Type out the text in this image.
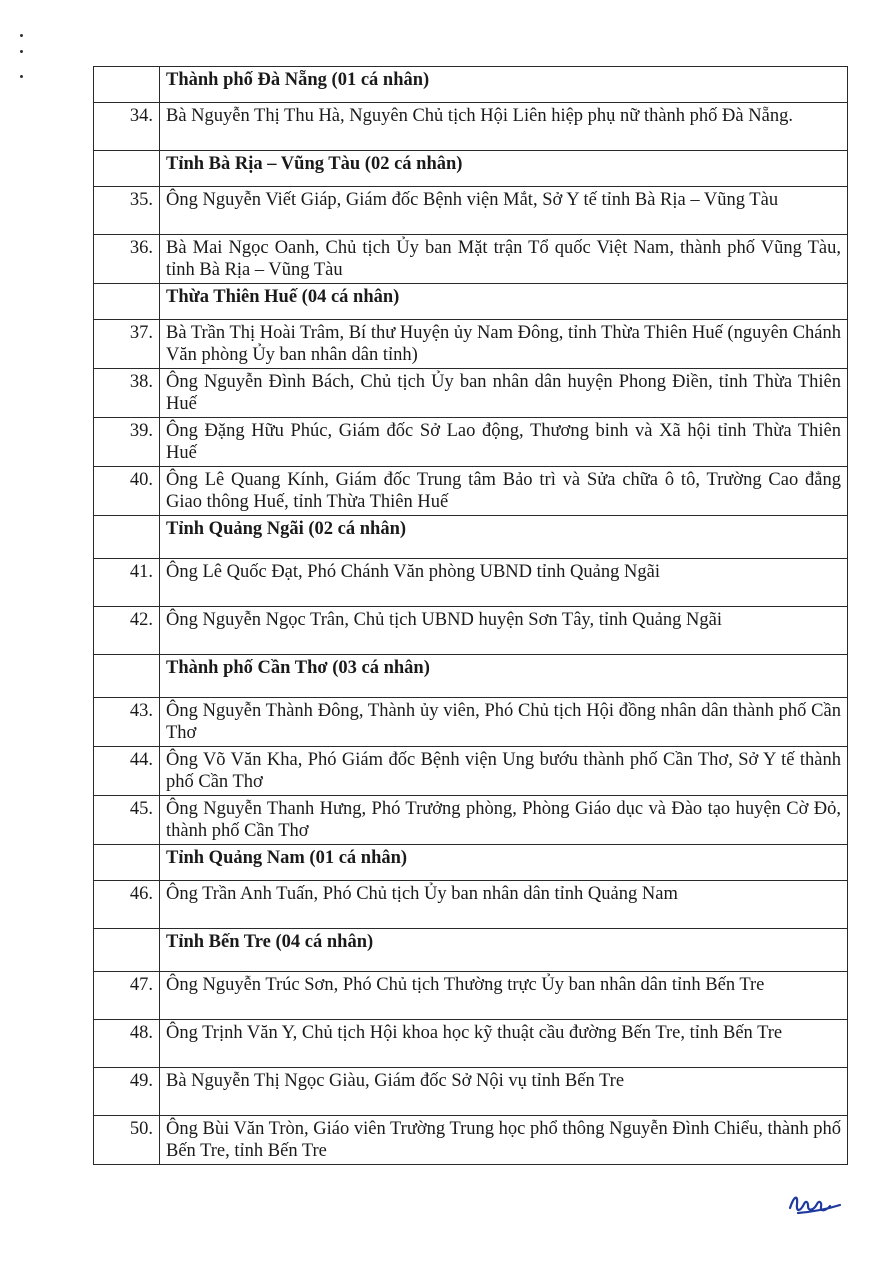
	Thành phố Đà Nẵng (01 cá nhân)
34.	Bà Nguyễn Thị Thu Hà, Nguyên Chủ tịch Hội Liên hiệp phụ nữ thành phố Đà Nẵng.
	Tỉnh Bà Rịa – Vũng Tàu (02 cá nhân)
35.	Ông Nguyễn Viết Giáp, Giám đốc Bệnh viện Mắt, Sở Y tế tỉnh Bà Rịa – Vũng Tàu
36.	Bà Mai Ngọc Oanh, Chủ tịch Ủy ban Mặt trận Tổ quốc Việt Nam, thành phố Vũng Tàu, tỉnh Bà Rịa – Vũng Tàu
	Thừa Thiên Huế (04 cá nhân)
37.	Bà Trần Thị Hoài Trâm, Bí thư Huyện ủy Nam Đông, tỉnh Thừa Thiên Huế (nguyên Chánh Văn phòng Ủy ban nhân dân tỉnh)
38.	Ông Nguyễn Đình Bách, Chủ tịch Ủy ban nhân dân huyện Phong Điền, tỉnh Thừa Thiên Huế
39.	Ông Đặng Hữu Phúc, Giám đốc Sở Lao động, Thương binh và Xã hội tỉnh Thừa Thiên Huế
40.	Ông Lê Quang Kính, Giám đốc Trung tâm Bảo trì và Sửa chữa ô tô, Trường Cao đẳng Giao thông Huế, tỉnh Thừa Thiên Huế
	Tỉnh Quảng Ngãi (02 cá nhân)
41.	Ông Lê Quốc Đạt, Phó Chánh Văn phòng UBND tỉnh Quảng Ngãi
42.	Ông Nguyễn Ngọc Trân, Chủ tịch UBND huyện Sơn Tây, tỉnh Quảng Ngãi
	Thành phố Cần Thơ (03 cá nhân)
43.	Ông Nguyễn Thành Đông, Thành ủy viên, Phó Chủ tịch Hội đồng nhân dân thành phố Cần Thơ
44.	Ông Võ Văn Kha, Phó Giám đốc Bệnh viện Ung bướu thành phố Cần Thơ, Sở Y tế thành phố Cần Thơ
45.	Ông Nguyễn Thanh Hưng, Phó Trưởng phòng, Phòng Giáo dục và Đào tạo huyện Cờ Đỏ, thành phố Cần Thơ
	Tỉnh Quảng Nam (01 cá nhân)
46.	Ông Trần Anh Tuấn, Phó Chủ tịch Ủy ban nhân dân tỉnh Quảng Nam
	Tỉnh Bến Tre (04 cá nhân)
47.	Ông Nguyễn Trúc Sơn, Phó Chủ tịch Thường trực Ủy ban nhân dân tỉnh Bến Tre
48.	Ông Trịnh Văn Y, Chủ tịch Hội khoa học kỹ thuật cầu đường Bến Tre, tỉnh Bến Tre
49.	Bà Nguyễn Thị Ngọc Giàu, Giám đốc Sở Nội vụ tỉnh Bến Tre
50.	Ông Bùi Văn Tròn, Giáo viên Trường Trung học phổ thông Nguyễn Đình Chiểu, thành phố Bến Tre, tỉnh Bến Tre
